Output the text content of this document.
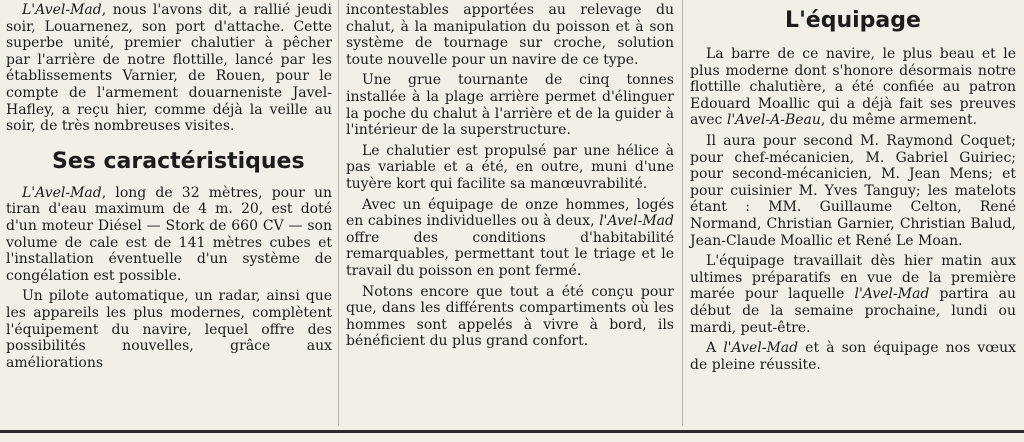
L'Avel-Mad, nous l'avons dit, a rallié jeudi soir, Louarnenez, son port d'attache. Cette superbe unité, premier chalutier à pêcher par l'arrière de notre flottille, lancé par les établissements Varnier, de Rouen, pour le compte de l'armement douarneniste Javel-Hafley, a reçu hier, comme déjà la veille au soir, de très nombreuses visites.

Ses caractéristiques

L'Avel-Mad, long de 32 mètres, pour un tiran d'eau maximum de 4 m. 20, est doté d'un moteur Diésel — Stork de 660 CV — son volume de cale est de 141 mètres cubes et l'installation éventuelle d'un système de congélation est possible.

Un pilote automatique, un radar, ainsi que les appareils les plus modernes, complètent l'équipement du navire, lequel offre des possibilités nouvelles, grâce aux améliorations

incontestables apportées au relevage du chalut, à la manipulation du poisson et à son système de tournage sur croche, solution toute nouvelle pour un navire de ce type.

Une grue tournante de cinq tonnes installée à la plage arrière permet d'élinguer la poche du chalut à l'arrière et de la guider à l'intérieur de la superstructure.

Le chalutier est propulsé par une hélice à pas variable et a été, en outre, muni d'une tuyère kort qui facilite sa manœuvrabilité.

Avec un équipage de onze hommes, logés en cabines individuelles ou à deux, l'Avel-Mad offre des conditions d'habitabilité remarquables, permettant tout le triage et le travail du poisson en pont fermé.

Notons encore que tout a été conçu pour que, dans les différents compartiments où les hommes sont appelés à vivre à bord, ils bénéficient du plus grand confort.

L'équipage

La barre de ce navire, le plus beau et le plus moderne dont s'honore désormais notre flottille chalutière, a été confiée au patron Edouard Moallic qui a déjà fait ses preuves avec l'Avel-A-Beau, du même armement.

Il aura pour second M. Raymond Coquet; pour chef-mécanicien, M. Gabriel Guiriec; pour second-mécanicien, M. Jean Mens; et pour cuisinier M. Yves Tanguy; les matelots étant : MM. Guillaume Celton, René Normand, Christian Garnier, Christian Balud, Jean-Claude Moallic et René Le Moan.

L'équipage travaillait dès hier matin aux ultimes préparatifs en vue de la première marée pour laquelle l'Avel-Mad partira au début de la semaine prochaine, lundi ou mardi, peut-être.

A l'Avel-Mad et à son équipage nos vœux de pleine réussite.
